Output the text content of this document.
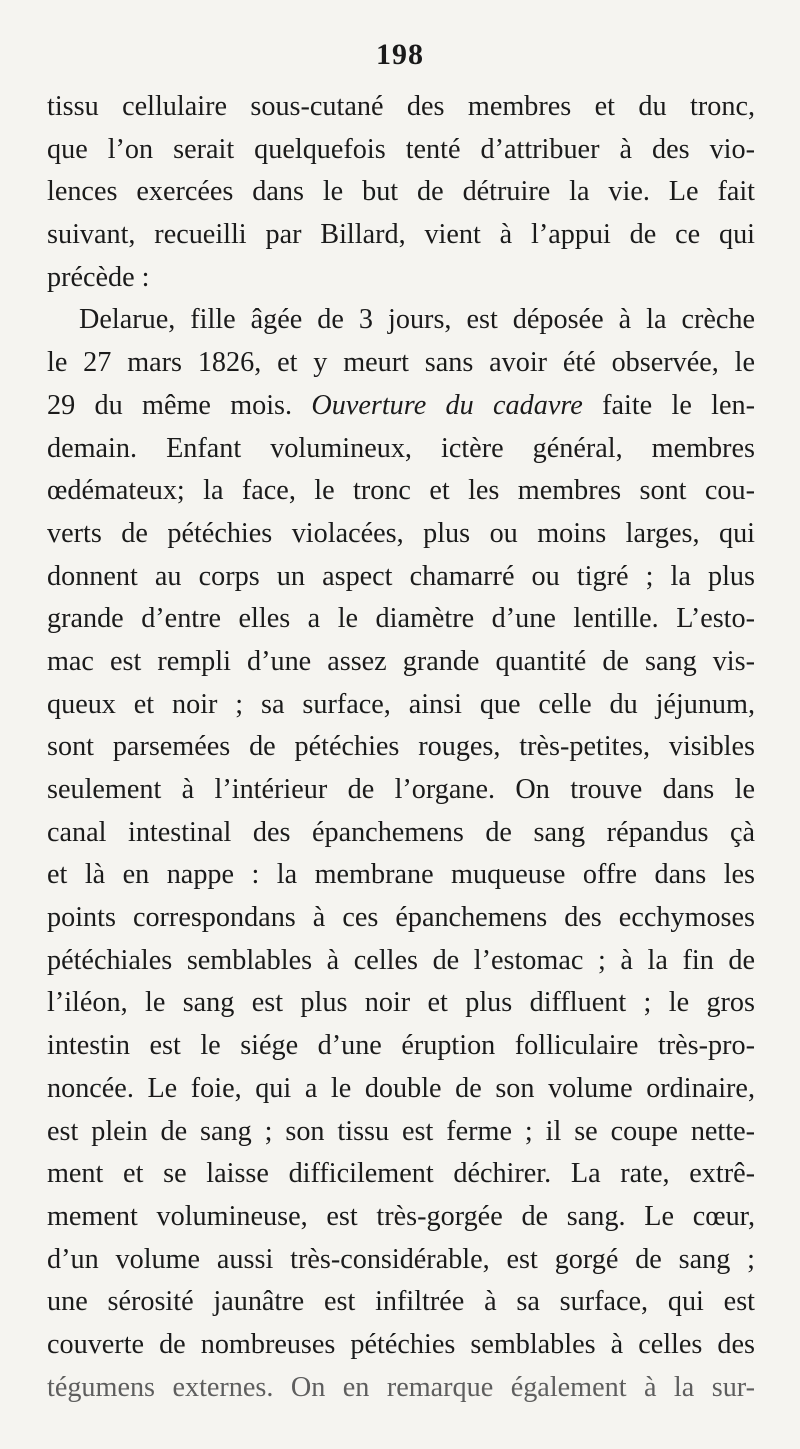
198
tissu cellulaire sous-cutané des membres et du tronc,
que l’on serait quelquefois tenté d’attribuer à des vio-
lences exercées dans le but de détruire la vie. Le fait
suivant, recueilli par Billard, vient à l’appui de ce qui
précède :
Delarue, fille âgée de 3 jours, est déposée à la crèche
le 27 mars 1826, et y meurt sans avoir été observée, le
29 du même mois. Ouverture du cadavre faite le len-
demain. Enfant volumineux, ictère général, membres
œdémateux; la face, le tronc et les membres sont cou-
verts de pétéchies violacées, plus ou moins larges, qui
donnent au corps un aspect chamarré ou tigré ; la plus
grande d’entre elles a le diamètre d’une lentille. L’esto-
mac est rempli d’une assez grande quantité de sang vis-
queux et noir ; sa surface, ainsi que celle du jéjunum,
sont parsemées de pétéchies rouges, très-petites, visibles
seulement à l’intérieur de l’organe. On trouve dans le
canal intestinal des épanchemens de sang répandus çà
et là en nappe : la membrane muqueuse offre dans les
points correspondans à ces épanchemens des ecchymoses
pétéchiales semblables à celles de l’estomac ; à la fin de
l’iléon, le sang est plus noir et plus diffluent ; le gros
intestin est le siége d’une éruption folliculaire très-pro-
noncée. Le foie, qui a le double de son volume ordinaire,
est plein de sang ; son tissu est ferme ; il se coupe nette-
ment et se laisse difficilement déchirer. La rate, extrê-
mement volumineuse, est très-gorgée de sang. Le cœur,
d’un volume aussi très-considérable, est gorgé de sang ;
une sérosité jaunâtre est infiltrée à sa surface, qui est
couverte de nombreuses pétéchies semblables à celles des
tégumens externes. On en remarque également à la sur-
